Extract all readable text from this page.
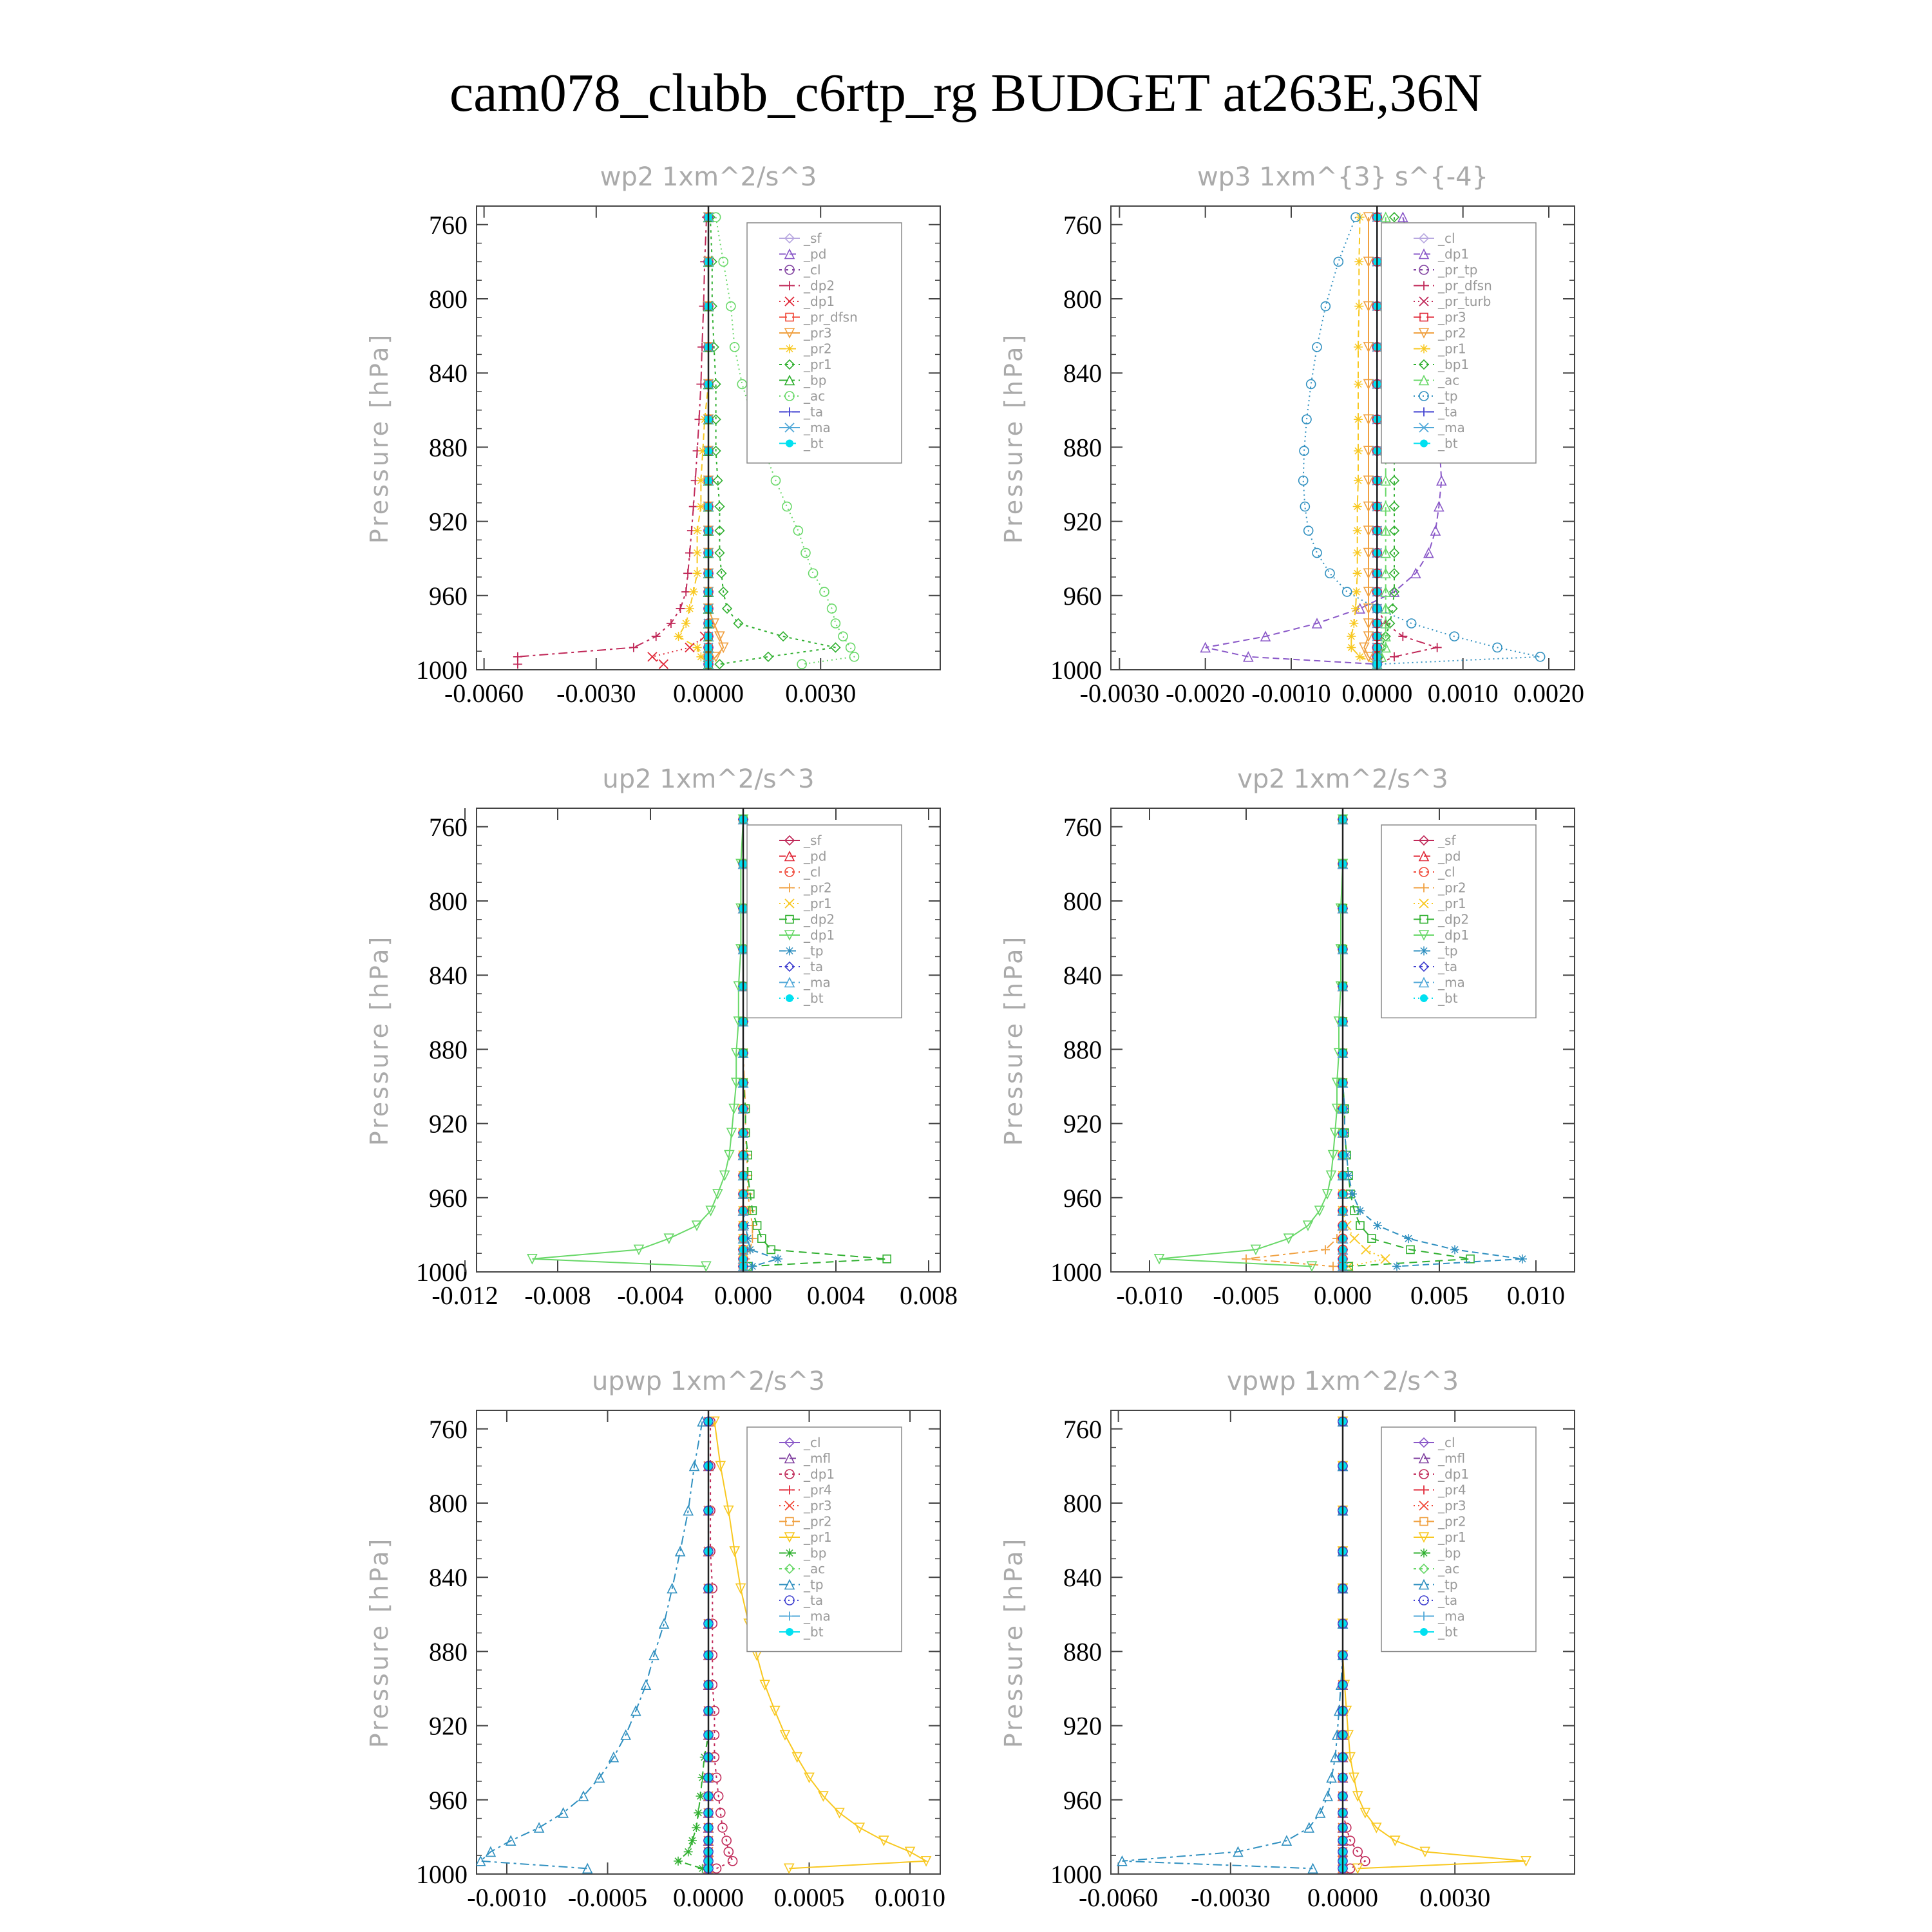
cam078_clubb_c6rtp_rg BUDGET at263E,36N
wp2 1xm^2/s^3
Pressure [hPa]
760
800
840
880
920
960
1000
-0.0060 -0.0030 0.0000 0.0030
_sf
_pd
_cl
_dp2
_dp1
_pr_dfsn
_pr3
_pr2
_pr1
_bp
_ac
_ta
_ma
_bt
wp3 1xm^{3} s^{-4}
Pressure [hPa]
760
800
840
880
920
960
1000
-0.0030 -0.0020 -0.0010 0.0000 0.0010 0.0020
_cl
_dp1
_pr_tp
_pr_dfsn
_pr_turb
_pr3
_pr2
_pr1
_bp1
_ac
_tp
_ta
_ma
_bt
up2 1xm^2/s^3
Pressure [hPa]
760
800
840
880
920
960
1000
-0.012 -0.008 -0.004 0.000 0.004 0.008
_sf
_pd
_cl
_pr2
_pr1
_dp2
_dp1
_tp
_ta
_ma
_bt
vp2 1xm^2/s^3
Pressure [hPa]
760
800
840
880
920
960
1000
-0.010 -0.005 0.000 0.005 0.010
_sf
_pd
_cl
_pr2
_pr1
_dp2
_dp1
_tp
_ta
_ma
_bt
upwp 1xm^2/s^3
Pressure [hPa]
760
800
840
880
920
960
1000
-0.0010 -0.0005 0.0000 0.0005 0.0010
_cl
_mfl
_dp1
_pr4
_pr3
_pr2
_pr1
_bp
_ac
_tp
_ta
_ma
_bt
vpwp 1xm^2/s^3
Pressure [hPa]
760
800
840
880
920
960
1000
-0.0060 -0.0030 0.0000 0.0030
_cl
_mfl
_dp1
_pr4
_pr3
_pr2
_pr1
_bp
_ac
_tp
_ta
_ma
_bt
